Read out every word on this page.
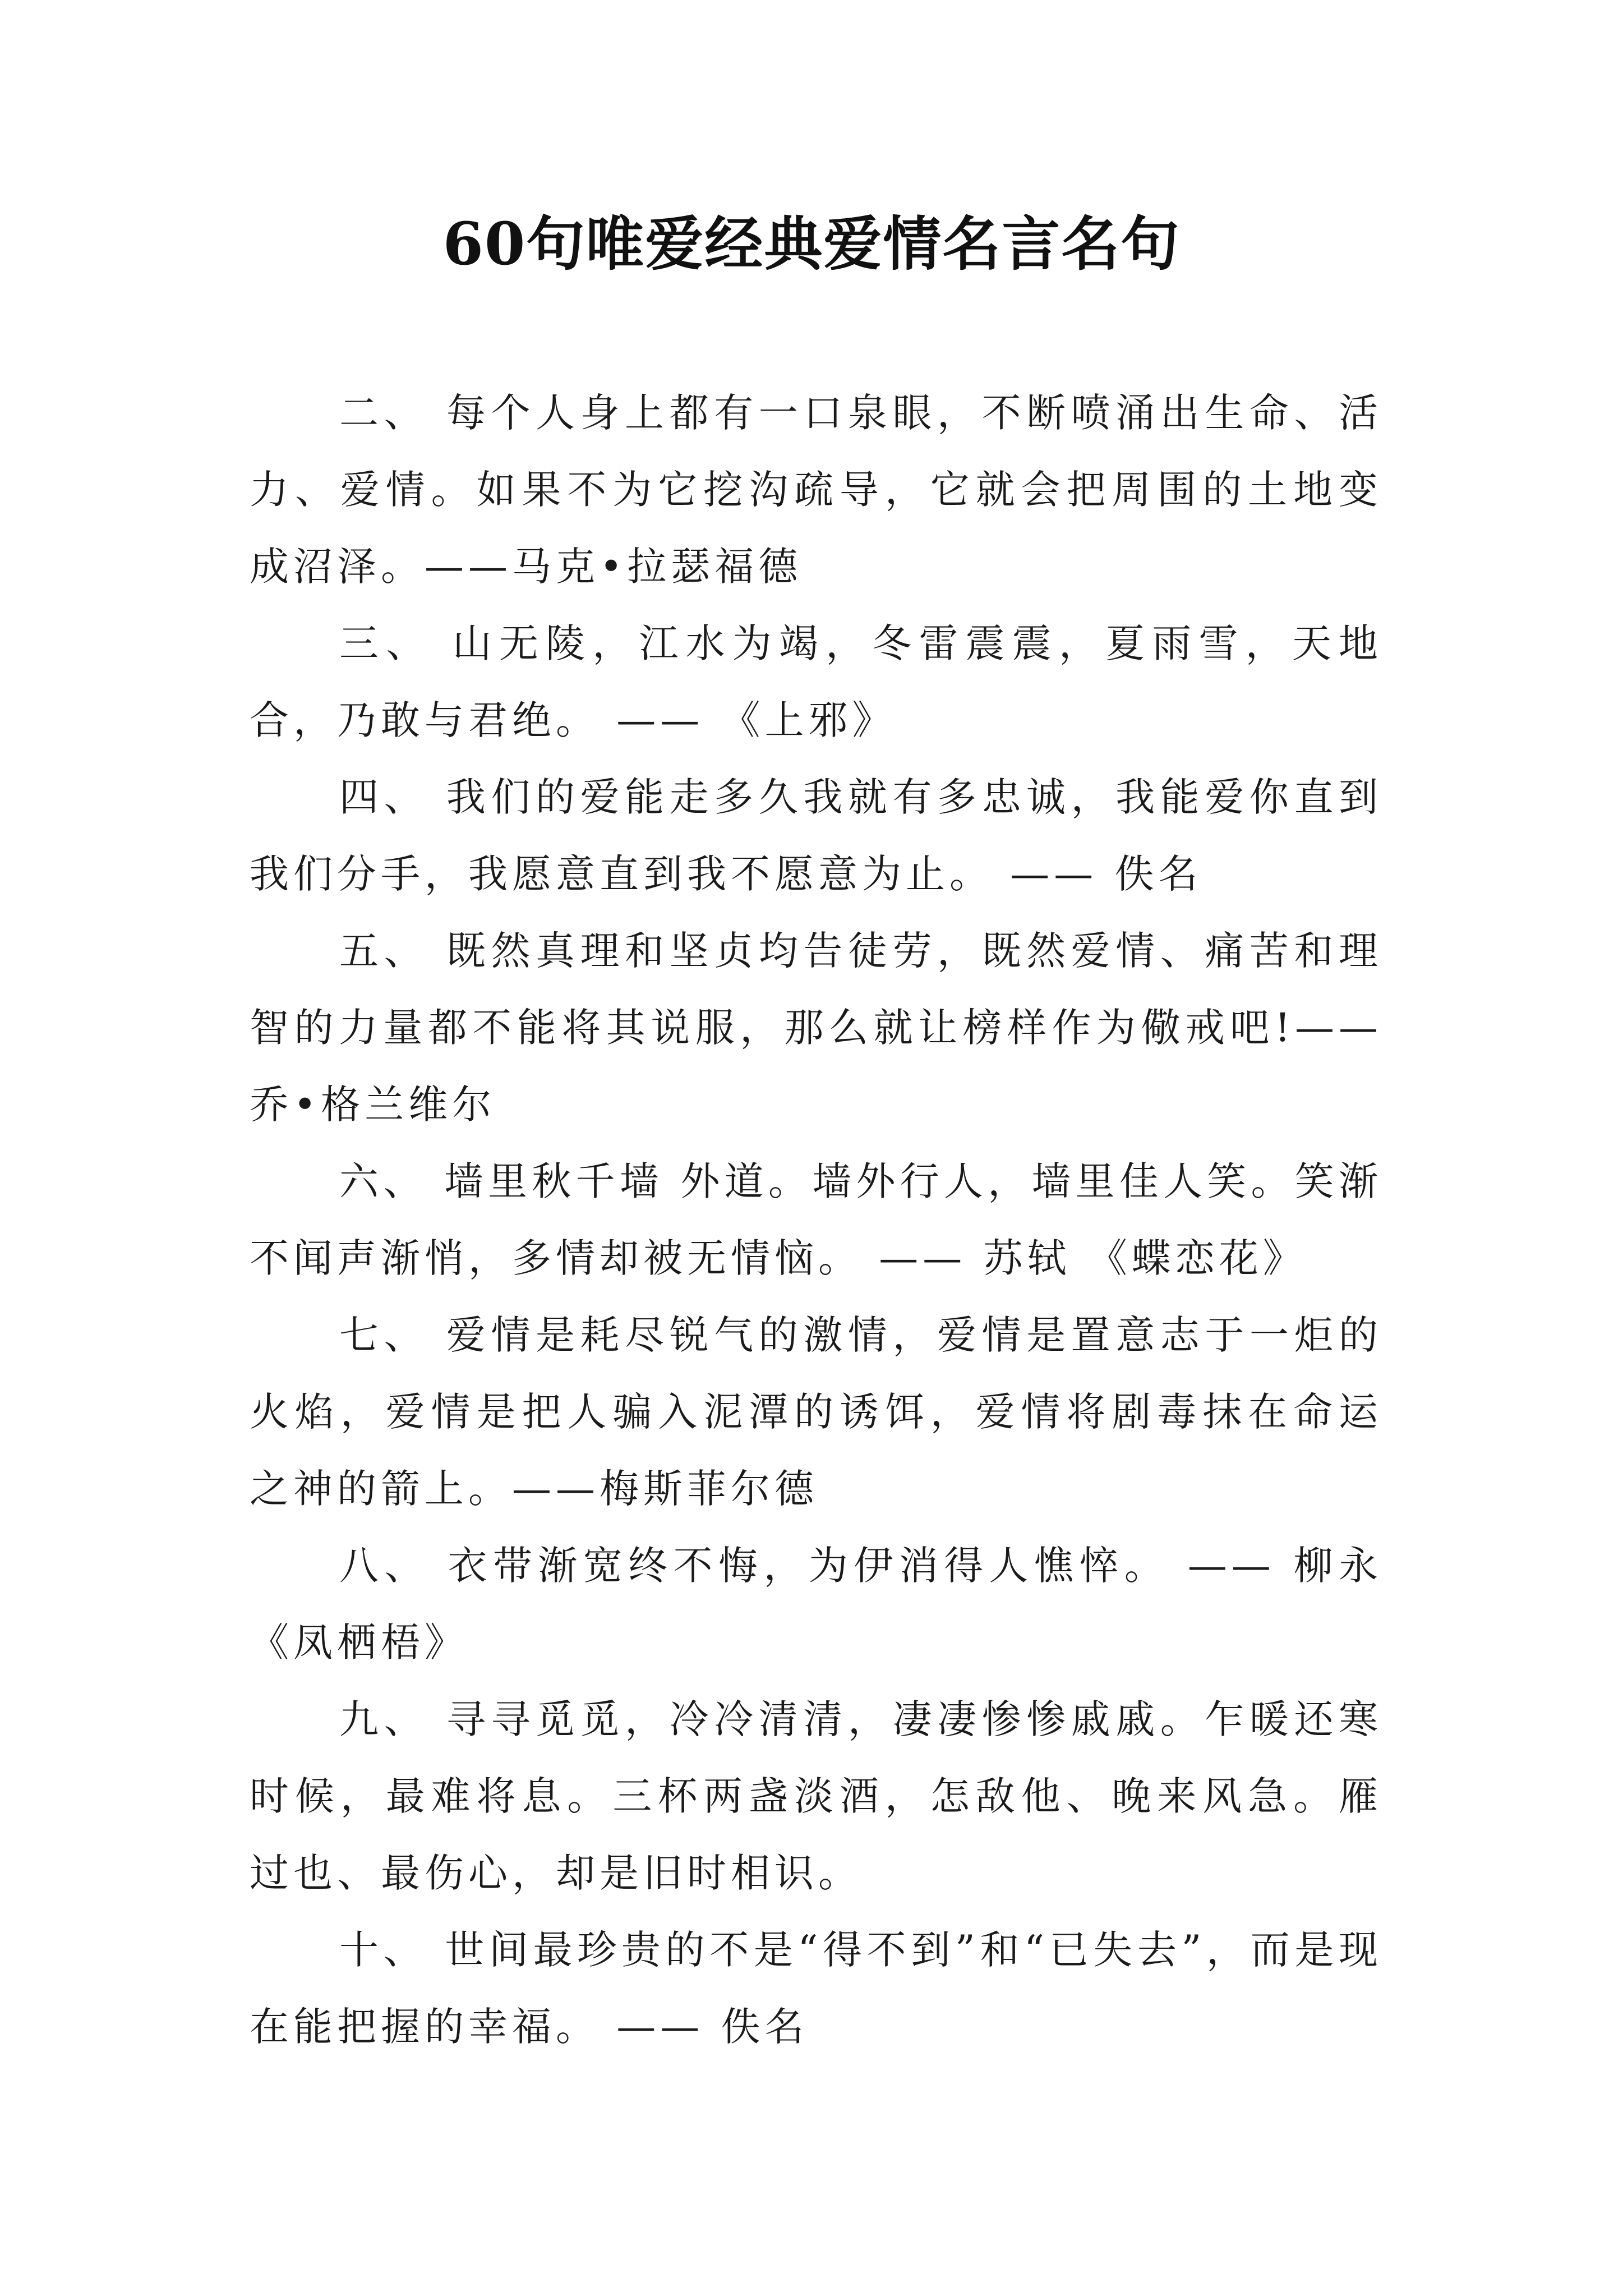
60句唯爱经典爱情名言名句

二、 每个人身上都有一口泉眼，不断喷涌出生命、活力、爱情。如果不为它挖沟疏导，它就会把周围的土地变成沼泽。——马克•拉瑟福德

三、 山无陵，江水为竭，冬雷震震，夏雨雪，天地合，乃敢与君绝。 —— 《上邪》

四、 我们的爱能走多久我就有多忠诚，我能爱你直到我们分手，我愿意直到我不愿意为止。 —— 佚名

五、 既然真理和坚贞均告徒劳，既然爱情、痛苦和理智的力量都不能将其说服，那么就让榜样作为儆戒吧!——乔•格兰维尔

六、 墙里秋千墙 外道。墙外行人，墙里佳人笑。笑渐不闻声渐悄，多情却被无情恼。 —— 苏轼 《蝶恋花》

七、 爱情是耗尽锐气的激情，爱情是置意志于一炬的火焰，爱情是把人骗入泥潭的诱饵，爱情将剧毒抹在命运之神的箭上。——梅斯菲尔德

八、 衣带渐宽终不悔，为伊消得人憔悴。 —— 柳永《凤栖梧》

九、 寻寻觅觅，冷冷清清，凄凄惨惨戚戚。乍暖还寒时候，最难将息。三杯两盏淡酒，怎敌他、晚来风急。雁过也、最伤心，却是旧时相识。

十、 世间最珍贵的不是“得不到”和“已失去”，而是现在能把握的幸福。 —— 佚名
